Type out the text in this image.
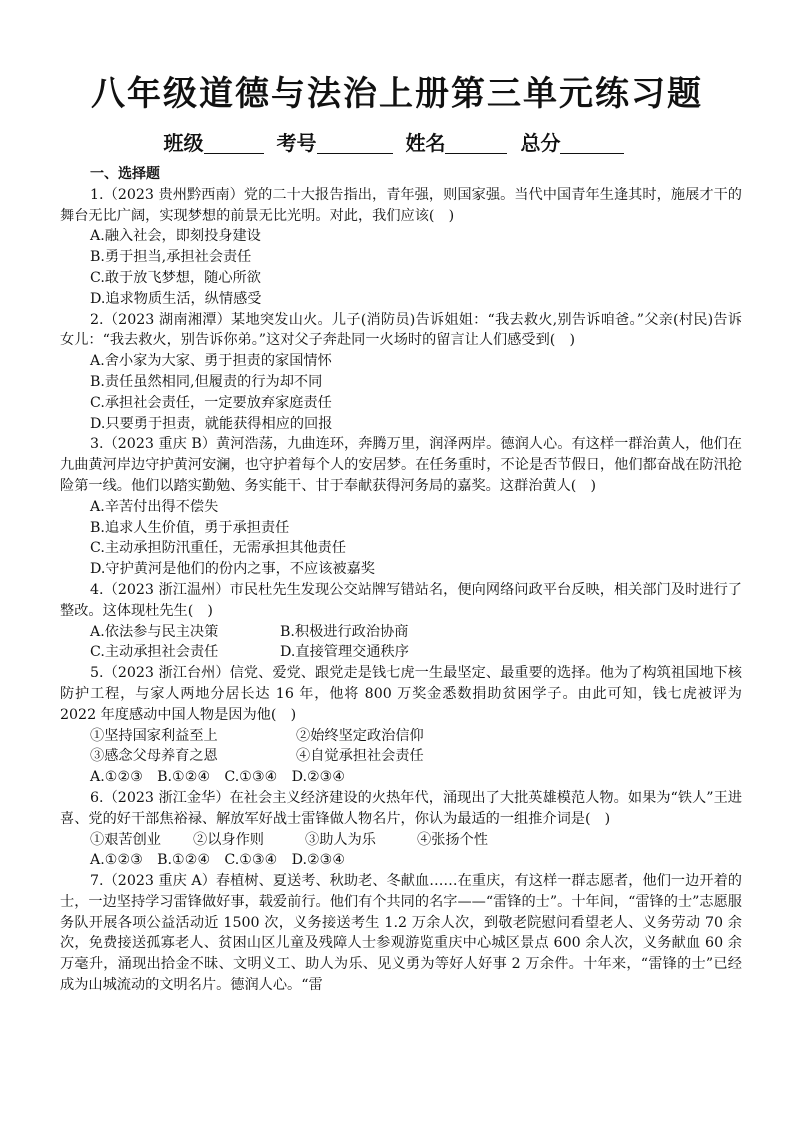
八年级道德与法治上册第三单元练习题
班级	考号	姓名	总分

一、选择题

1.（2023 贵州黔西南）党的二十大报告指出，青年强，则国家强。当代中国青年生逢其时，施展才干的舞台无比广阔，实现梦想的前景无比光明。对此，我们应该(　)

A.融入社会，即刻投身建设

B.勇于担当,承担社会责任

C.敢于放飞梦想，随心所欲

D.追求物质生活，纵情感受

2.（2023 湖南湘潭）某地突发山火。儿子(消防员)告诉姐姐：“我去救火,别告诉咱爸。”父亲(村民)告诉女儿：“我去救火，别告诉你弟。”这对父子奔赴同一火场时的留言让人们感受到(　)

A.舍小家为大家、勇于担责的家国情怀

B.责任虽然相同,但履责的行为却不同

C.承担社会责任，一定要放弃家庭责任

D.只要勇于担责，就能获得相应的回报

3.（2023 重庆 B）黄河浩荡，九曲连环，奔腾万里，润泽两岸。德润人心。有这样一群治黄人，他们在九曲黄河岸边守护黄河安澜，也守护着每个人的安居梦。在任务重时，不论是否节假日，他们都奋战在防汛抢险第一线。他们以踏实勤勉、务实能干、甘于奉献获得河务局的嘉奖。这群治黄人(　)

A.辛苦付出得不偿失

B.追求人生价值，勇于承担责任

C.主动承担防汛重任，无需承担其他责任

D.守护黄河是他们的份内之事，不应该被嘉奖

4.（2023 浙江温州）市民杜先生发现公交站牌写错站名，便向网络问政平台反映，相关部门及时进行了整改。这体现杜先生(　)

A.依法参与民主决策	B.积极进行政治协商

C.主动承担社会责任	D.直接管理交通秩序

5.（2023 浙江台州）信党、爱党、跟党走是钱七虎一生最坚定、最重要的选择。他为了构筑祖国地下核防护工程，与家人两地分居长达 16 年，他将 800 万奖金悉数捐助贫困学子。由此可知，钱七虎被评为 2022 年度感动中国人物是因为他(　)

①坚持国家利益至上	②始终坚定政治信仰

③感念父母养育之恩	④自觉承担社会责任

A.①②③　B.①②④　C.①③④　D.②③④

6.（2023 浙江金华）在社会主义经济建设的火热年代，涌现出了大批英雄模范人物。如果为“铁人”王进喜、党的好干部焦裕禄、解放军好战士雷锋做人物名片，你认为最适的一组推介词是(　)

①艰苦创业 ②以身作则	③助人为乐	④张扬个性

A.①②③　B.①②④　C.①③④　D.②③④

7.（2023 重庆 A）春植树、夏送考、秋助老、冬献血……在重庆，有这样一群志愿者，他们一边开着的士，一边坚持学习雷锋做好事，载爱前行。他们有个共同的名字——“雷锋的士”。十年间，“雷锋的士”志愿服务队开展各项公益活动近 1500 次，义务接送考生 1.2 万余人次，到敬老院慰问看望老人、义务劳动 70 余次，免费接送孤寡老人、贫困山区儿童及残障人士参观游览重庆中心城区景点 600 余人次，义务献血 60 余万毫升，涌现出拾金不昧、文明义工、助人为乐、见义勇为等好人好事 2 万余件。十年来，“雷锋的士”已经成为山城流动的文明名片。德润人心。“雷
